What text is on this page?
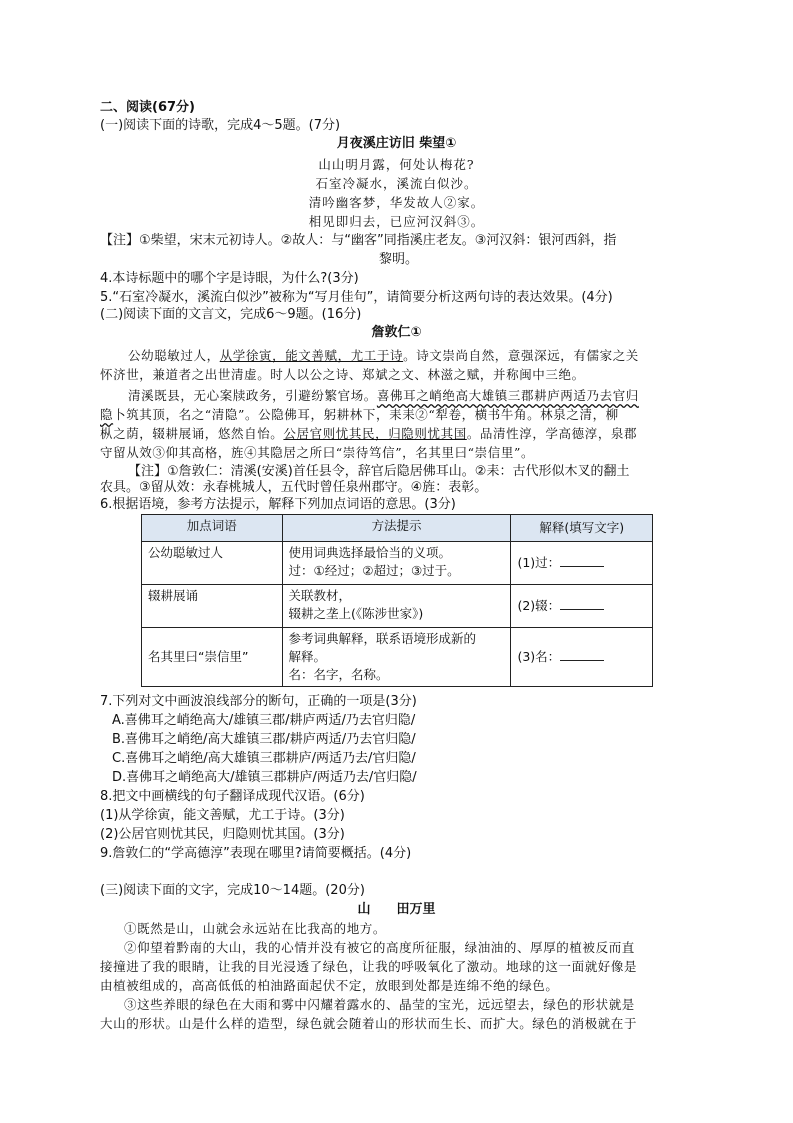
二、阅读(67分)
(一)阅读下面的诗歌，完成4～5题。(7分)
月夜溪庄访旧 柴望①
山山明月露，何处认梅花?
石室冷凝水，溪流白似沙。
清吟幽客梦，华发故人②家。
相见即归去，已应河汉斜③。
【注】①柴望，宋末元初诗人。②故人：与“幽客”同指溪庄老友。③河汉斜：银河西斜，指
黎明。
4.本诗标题中的哪个字是诗眼，为什么?(3分)
5.“石室冷凝水，溪流白似沙”被称为“写月佳句”，请简要分析这两句诗的表达效果。(4分)
(二)阅读下面的文言文，完成6～9题。(16分)
詹敦仁①
公幼聪敏过人，从学徐寅，能文善赋，尤工于诗。诗文崇尚自然，意强深远，有儒家之关
怀济世，兼道者之出世清虚。时人以公之诗、郑斌之文、林滋之赋，并称闽中三绝。
清溪既县，无心案牍政务，引避纷繁官场。喜佛耳之峭绝高大雄镇三郡耕庐两适乃去官归
隐卜筑其顶，名之“清隐”。公隐佛耳，躬耕林下，耒耒②“犁卷，横书牛角。林泉之清，柳
枞之荫，辍耕展诵，悠然自怡。公居官则忧其民，归隐则忧其国。品清性淳，学高德淳，泉郡
守留从效③仰其高格，旌④其隐居之所曰“崇待笃信”，名其里曰“崇信里”。
【注】①詹敦仁：清溪(安溪)首任县令，辞官后隐居佛耳山。②耒：古代形似木叉的翻土
农具。③留从效：永春桃城人，五代时曾任泉州郡守。④旌：表彰。
6.根据语境，参考方法提示，解释下列加点词语的意思。(3分)
加点词语	方法提示	解释(填写文字)
公幼聪敏过人	使用词典选择最恰当的义项。

过：①经过；②超过；③过于。	(1)过：
辍耕展诵	关联教材，

辍耕之垄上(《陈涉世家》)	(2)辍：
名其里曰“崇信里”	参考词典解释，联系语境形成新的

解释。

名：名字，名称。	(3)名：
7.下列对文中画波浪线部分的断句，正确的一项是(3分)
A.喜佛耳之峭绝高大/雄镇三郡/耕庐两适/乃去官归隐/
B.喜佛耳之峭绝/高大雄镇三郡/耕庐两适/乃去官归隐/
C.喜佛耳之峭绝/高大雄镇三郡耕庐/两适乃去/官归隐/
D.喜佛耳之峭绝高大/雄镇三郡耕庐/两适乃去/官归隐/
8.把文中画横线的句子翻译成现代汉语。(6分)
(1)从学徐寅，能文善赋，尤工于诗。(3分)
(2)公居官则忧其民，归隐则忧其国。(3分)
9.詹敦仁的“学高德淳”表现在哪里?请简要概括。(4分)
(三)阅读下面的文字，完成10～14题。(20分)
山　　田万里
①既然是山，山就会永远站在比我高的地方。
②仰望着黔南的大山，我的心情并没有被它的高度所征服，绿油油的、厚厚的植被反而直
接撞进了我的眼睛，让我的目光浸透了绿色，让我的呼吸氧化了激动。地球的这一面就好像是
由植被组成的，高高低低的柏油路面起伏不定，放眼到处都是连绵不绝的绿色。
③这些养眼的绿色在大雨和雾中闪耀着露水的、晶莹的宝光，远远望去，绿色的形状就是
大山的形状。山是什么样的造型，绿色就会随着山的形状而生长、而扩大。绿色的消极就在于
